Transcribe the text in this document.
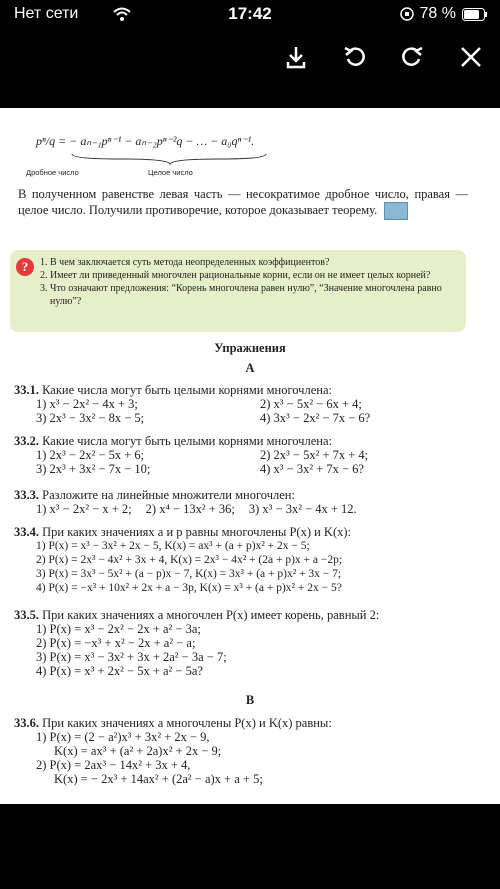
Нет сети	17:42	78 %
pⁿ/q = − aₙ₋₁pⁿ⁻¹ − aₙ₋₂pⁿ⁻²q − … − a₀qⁿ⁻¹.
Дробное число	Целое число
В полученном равенстве левая часть — несократимое дробное число, правая — целое число. Получили противоречие, которое доказывает теорему.
?
1.	В чем заключается суть метода неопределенных коэффициентов?
2. Имеет ли приведенный многочлен рациональные корни, если он не имеет целых корней?
3. Что означают предложения: “Корень многочлена равен нулю”, “Значение многочлена равно нулю”?
Упражнения
А
33.1. Какие числа могут быть целыми корнями многочлена:
1) x³ − 2x² − 4x + 3;	2) x³ − 5x² − 6x + 4;
3) 2x³ − 3x² − 8x − 5;	4) 3x³ − 2x² − 7x − 6?
33.2. Какие числа могут быть целыми корнями многочлена:
1) 2x³ − 2x² − 5x + 6;	2) 2x³ − 5x² + 7x + 4;
3) 2x³ + 3x² − 7x − 10;	4) x³ − 3x² + 7x − 6?
33.3. Разложите на линейные множители многочлен:
1) x³ − 2x² − x + 2; 2) x⁴ − 13x² + 36; 3) x³ − 3x² − 4x + 12.
33.4. При каких значениях a и p равны многочлены P(x) и K(x):
1) P(x) = x³ − 3x² + 2x − 5, K(x) = ax³ + (a + p)x² + 2x − 5;
2) P(x) = 2x³ − 4x² + 3x + 4, K(x) = 2x³ − 4x² + (2a + p)x + a −2p;
3) P(x) = 3x³ − 5x² + (a − p)x − 7, K(x) = 3x³ + (a + p)x² + 3x − 7;
4) P(x) = −x³ + 10x² + 2x + a − 3p, K(x) = x³ + (a + p)x² + 2x − 5?
33.5. При каких значениях a многочлен P(x) имеет корень, равный 2:
1) P(x) = x³ − 2x² − 2x + a² − 3a;
2) P(x) = −x³ + x² − 2x + a² − a;
3) P(x) = x³ − 3x² + 3x + 2a² − 3a − 7;
4) P(x) = x³ + 2x² − 5x + a² − 5a?
В
33.6. При каких значениях a многочлены P(x) и K(x) равны:
1) P(x) = (2 − a²)x³ + 3x² + 2x − 9,
K(x) = ax³ + (a² + 2a)x² + 2x − 9;
2) P(x) = 2ax³ − 14x² + 3x + 4,
K(x) = − 2x³ + 14ax² + (2a² − a)x + a + 5;
